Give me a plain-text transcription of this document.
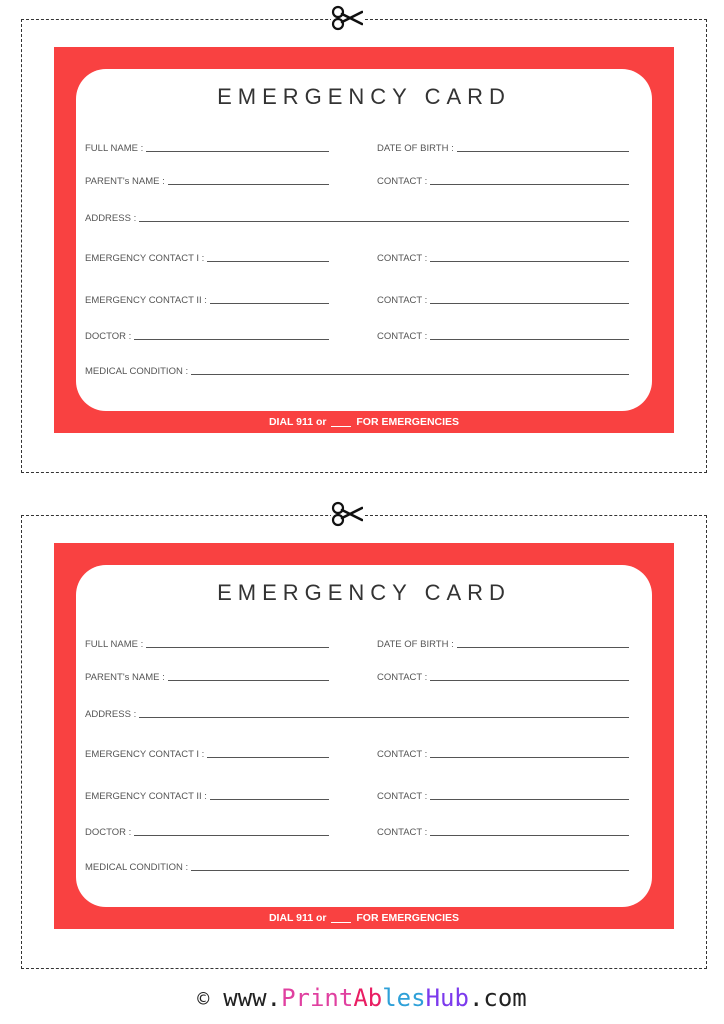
EMERGENCY CARD
FULL NAME :	DATE OF BIRTH :
PARENT's NAME :	CONTACT :
ADDRESS :
EMERGENCY CONTACT I :	CONTACT :
EMERGENCY CONTACT II :	CONTACT :
DOCTOR :	CONTACT :
MEDICAL CONDITION :
DIAL 911 or	FOR EMERGENCIES
EMERGENCY CARD
FULL NAME :	DATE OF BIRTH :
PARENT's NAME :	CONTACT :
ADDRESS :
EMERGENCY CONTACT I :	CONTACT :
EMERGENCY CONTACT II :	CONTACT :
DOCTOR :	CONTACT :
MEDICAL CONDITION :
DIAL 911 or	FOR EMERGENCIES
© www.PrintAblesHub.com
